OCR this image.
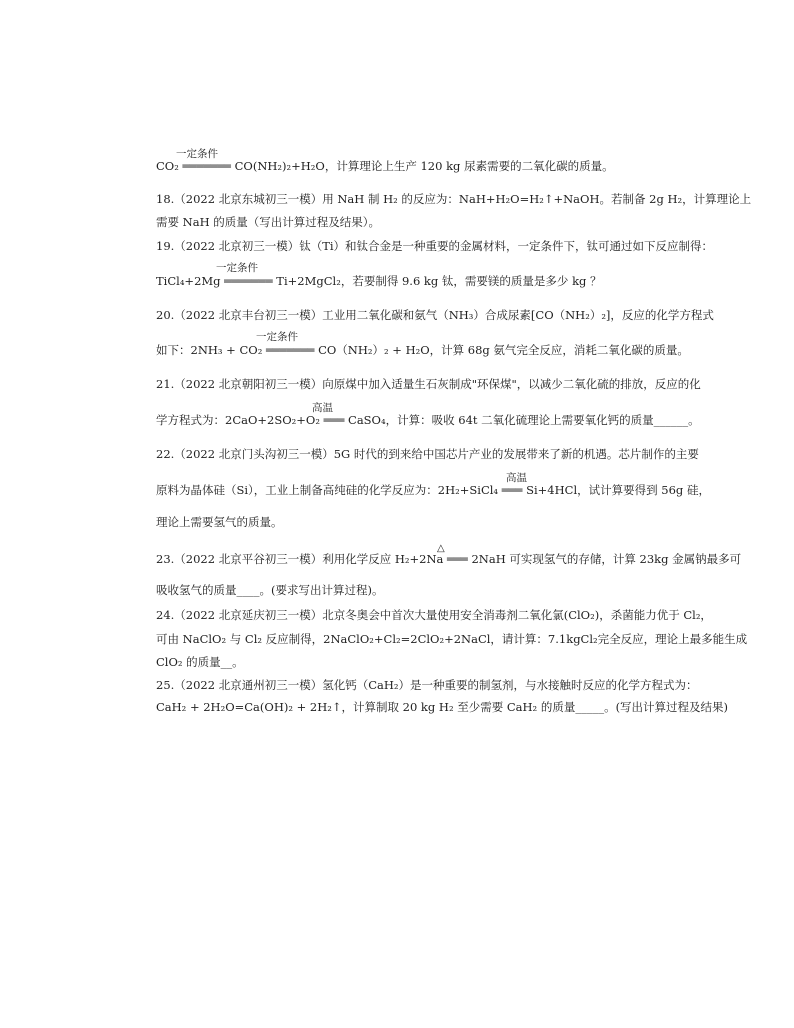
一定条件
CO₂ ═══════ CO(NH₂)₂+H₂O，计算理论上生产 120 kg 尿素需要的二氧化碳的质量。
18.（2022 北京东城初三一模）用 NaH 制 H₂ 的反应为：NaH+H₂O=H₂↑+NaOH。若制备 2g H₂，计算理论上
需要 NaH 的质量（写出计算过程及结果）。
19.（2022 北京初三一模）钛（Ti）和钛合金是一种重要的金属材料，一定条件下，钛可通过如下反应制得：
一定条件
TiCl₄+2Mg ═══════ Ti+2MgCl₂，若要制得 9.6 kg 钛，需要镁的质量是多少 kg ？
20.（2022 北京丰台初三一模）工业用二氧化碳和氨气（NH₃）合成尿素[CO（NH₂）₂]，反应的化学方程式
一定条件
如下：2NH₃ + CO₂ ═══════ CO（NH₂）₂ + H₂O，计算 68g 氨气完全反应，消耗二氧化碳的质量。
21.（2022 北京朝阳初三一模）向原煤中加入适量生石灰制成"环保煤"，以减少二氧化硫的排放，反应的化
高温
学方程式为：2CaO+2SO₂+O₂ ═══ CaSO₄，计算：吸收 64t 二氧化硫理论上需要氧化钙的质量______。
22.（2022 北京门头沟初三一模）5G 时代的到来给中国芯片产业的发展带来了新的机遇。芯片制作的主要
高温
原料为晶体硅（Si），工业上制备高纯硅的化学反应为：2H₂+SiCl₄ ═══ Si+4HCl，试计算要得到 56g 硅，
理论上需要氢气的质量。
△
23.（2022 北京平谷初三一模）利用化学反应 H₂+2Na ═══ 2NaH 可实现氢气的存储，计算 23kg 金属钠最多可
吸收氢气的质量____。(要求写出计算过程)。
24.（2022 北京延庆初三一模）北京冬奥会中首次大量使用安全消毒剂二氧化氯(ClO₂)，杀菌能力优于 Cl₂，
可由 NaClO₂ 与 Cl₂ 反应制得，2NaClO₂+Cl₂=2ClO₂+2NaCl，请计算：7.1kgCl₂完全反应，理论上最多能生成
ClO₂ 的质量__。
25.（2022 北京通州初三一模）氢化钙（CaH₂）是一种重要的制氢剂，与水接触时反应的化学方程式为：
CaH₂ + 2H₂O=Ca(OH)₂ + 2H₂↑，计算制取 20 kg H₂ 至少需要 CaH₂ 的质量_____。(写出计算过程及结果)
